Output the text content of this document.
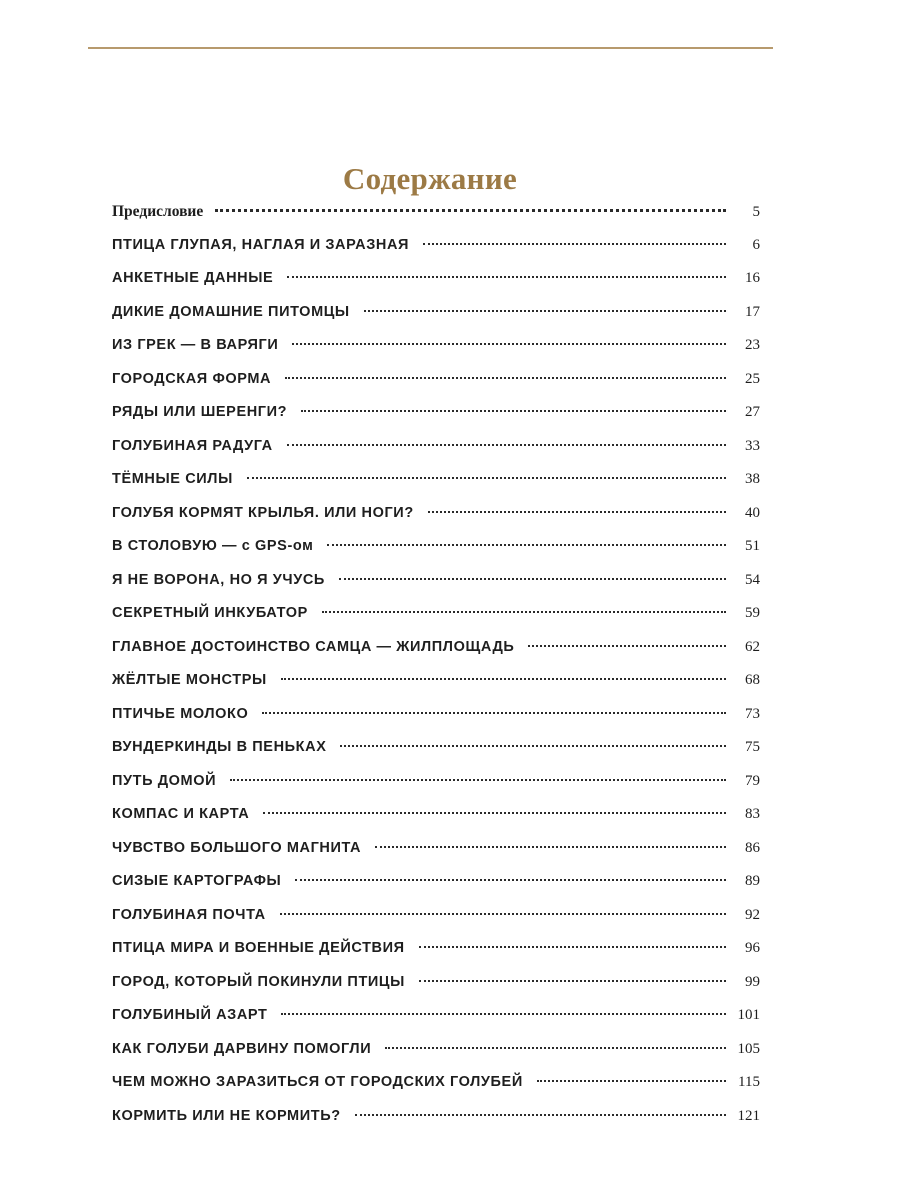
Содержание
Предисловие	5
ПТИЦА ГЛУПАЯ, НАГЛАЯ И ЗАРАЗНАЯ	6
АНКЕТНЫЕ ДАННЫЕ	16
ДИКИЕ ДОМАШНИЕ ПИТОМЦЫ	17
ИЗ ГРЕК — В ВАРЯГИ	23
ГОРОДСКАЯ ФОРМА	25
РЯДЫ ИЛИ ШЕРЕНГИ?	27
ГОЛУБИНАЯ РАДУГА	33
ТЁМНЫЕ СИЛЫ	38
ГОЛУБЯ КОРМЯТ КРЫЛЬЯ. ИЛИ НОГИ?	40
В СТОЛОВУЮ — с GPS-ом	51
Я НЕ ВОРОНА, НО Я УЧУСЬ	54
СЕКРЕТНЫЙ ИНКУБАТОР	59
ГЛАВНОЕ ДОСТОИНСТВО САМЦА — ЖИЛПЛОЩАДЬ	62
ЖЁЛТЫЕ МОНСТРЫ	68
ПТИЧЬЕ МОЛОКО	73
ВУНДЕРКИНДЫ В ПЕНЬКАХ	75
ПУТЬ ДОМОЙ	79
КОМПАС И КАРТА	83
ЧУВСТВО БОЛЬШОГО МАГНИТА	86
СИЗЫЕ КАРТОГРАФЫ	89
ГОЛУБИНАЯ ПОЧТА	92
ПТИЦА МИРА И ВОЕННЫЕ ДЕЙСТВИЯ	96
ГОРОД, КОТОРЫЙ ПОКИНУЛИ ПТИЦЫ	99
ГОЛУБИНЫЙ АЗАРТ	101
КАК ГОЛУБИ ДАРВИНУ ПОМОГЛИ	105
ЧЕМ МОЖНО ЗАРАЗИТЬСЯ ОТ ГОРОДСКИХ ГОЛУБЕЙ	115
КОРМИТЬ ИЛИ НЕ КОРМИТЬ?	121
